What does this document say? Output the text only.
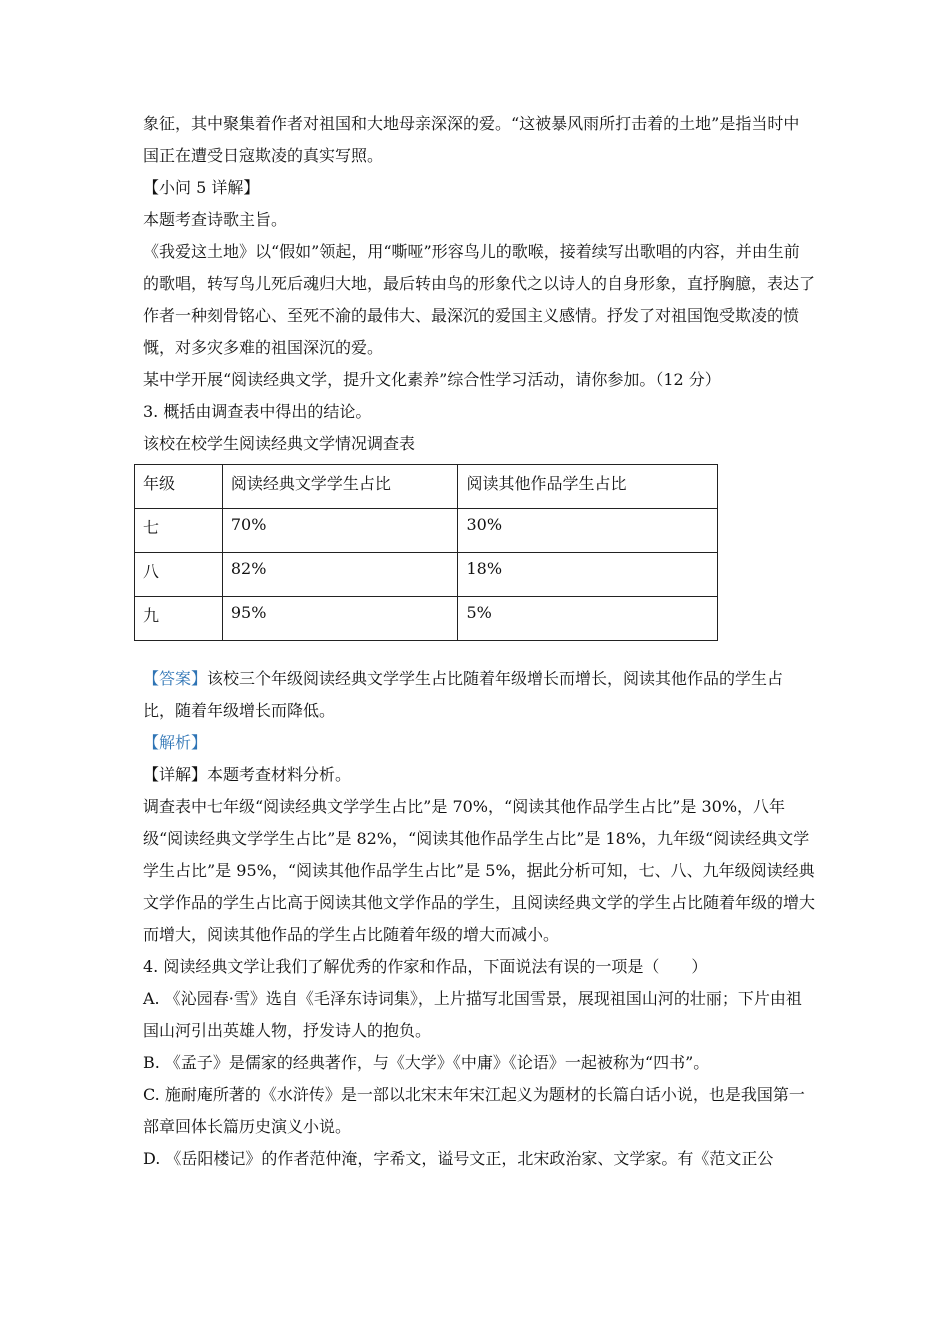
象征，其中聚集着作者对祖国和大地母亲深深的爱。“这被暴风雨所打击着的土地”是指当时中国正在遭受日寇欺凌的真实写照。

【小问 5 详解】

本题考查诗歌主旨。

《我爱这土地》以“假如”领起，用“嘶哑”形容鸟儿的歌喉，接着续写出歌唱的内容，并由生前的歌唱，转写鸟儿死后魂归大地，最后转由鸟的形象代之以诗人的自身形象，直抒胸臆，表达了作者一种刻骨铭心、至死不渝的最伟大、最深沉的爱国主义感情。抒发了对祖国饱受欺凌的愤慨，对多灾多难的祖国深沉的爱。

某中学开展“阅读经典文学，提升文化素养”综合性学习活动，请你参加。（12 分）

3. 概括由调查表中得出的结论。

该校在校学生阅读经典文学情况调查表

年级	阅读经典文学学生占比	阅读其他作品学生占比
七	70%	30%
八	82%	18%
九	95%	5%

【答案】该校三个年级阅读经典文学学生占比随着年级增长而增长，阅读其他作品的学生占比，随着年级增长而降低。

【解析】

【详解】本题考查材料分析。

调查表中七年级“阅读经典文学学生占比”是 70%，“阅读其他作品学生占比”是 30%，八年级“阅读经典文学学生占比”是 82%，“阅读其他作品学生占比”是 18%，九年级“阅读经典文学学生占比”是 95%，“阅读其他作品学生占比”是 5%，据此分析可知，七、八、九年级阅读经典文学作品的学生占比高于阅读其他文学作品的学生，且阅读经典文学的学生占比随着年级的增大而增大，阅读其他作品的学生占比随着年级的增大而减小。

4. 阅读经典文学让我们了解优秀的作家和作品，下面说法有误的一项是（　　）

A. 《沁园春·雪》选自《毛泽东诗词集》，上片描写北国雪景，展现祖国山河的壮丽；下片由祖国山河引出英雄人物，抒发诗人的抱负。

B. 《孟子》是儒家的经典著作，与《大学》《中庸》《论语》一起被称为“四书”。

C. 施耐庵所著的《水浒传》是一部以北宋末年宋江起义为题材的长篇白话小说，也是我国第一部章回体长篇历史演义小说。

D. 《岳阳楼记》的作者范仲淹，字希文，谥号文正，北宋政治家、文学家。有《范文正公
